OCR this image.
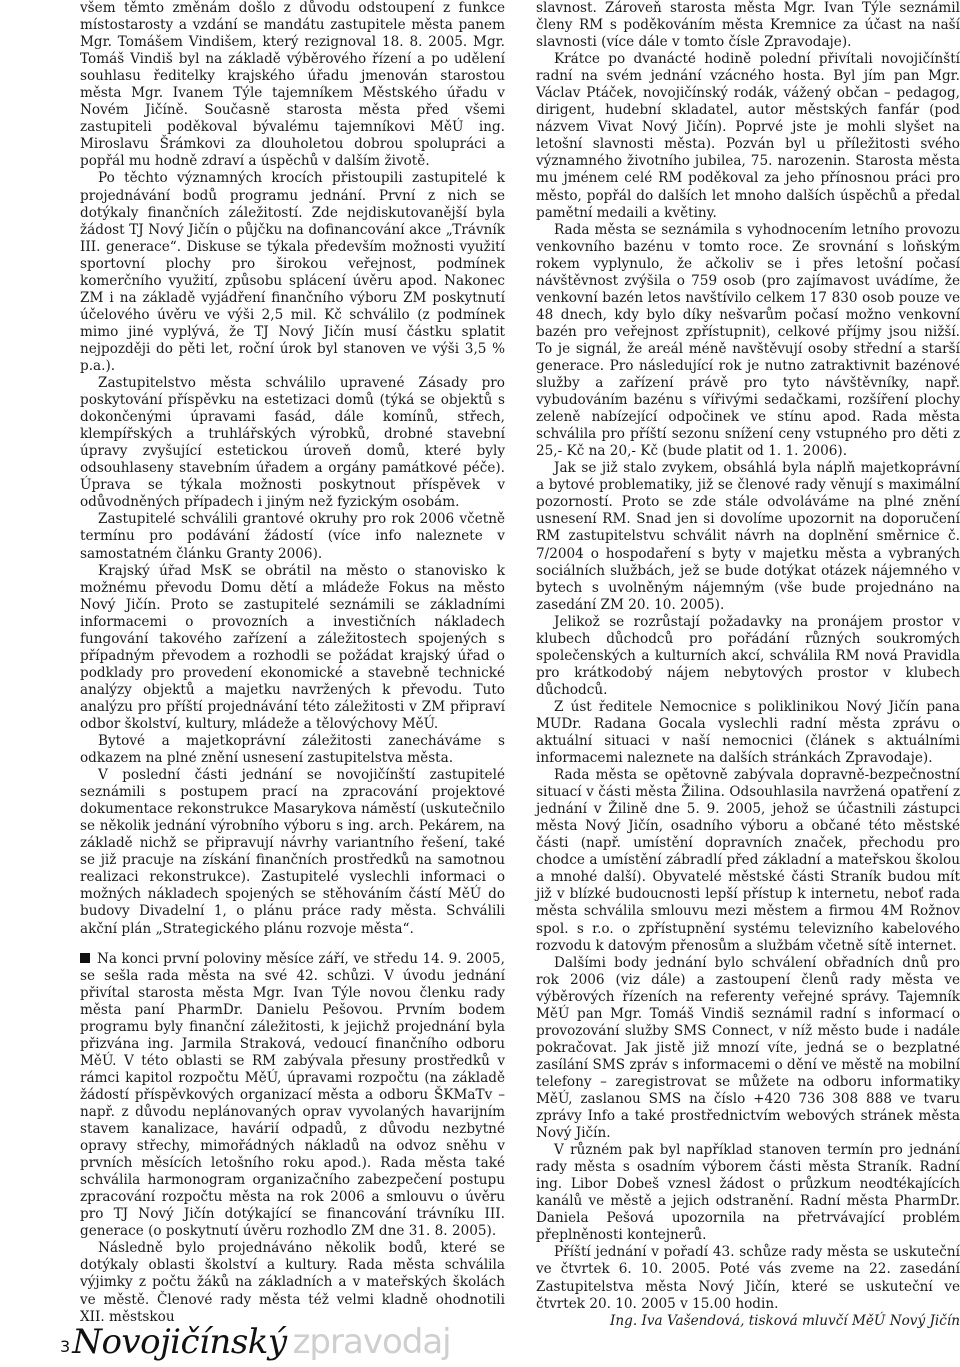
všem těmto změnám došlo z důvodu odstoupení z funkce místostarosty a vzdání se mandátu zastupitele města panem Mgr. Tomášem Vindišem, který rezignoval 18. 8. 2005. Mgr. Tomáš Vindiš byl na základě výběrového řízení a po udělení souhlasu ředitelky krajského úřadu jmenován starostou města Mgr. Ivanem Týle tajemníkem Městského úřadu v Novém Jičíně. Současně starosta města před všemi zastupiteli poděkoval bývalému tajemníkovi MěÚ ing. Miroslavu Šrámkovi za dlouholetou dobrou spolupráci a popřál mu hodně zdraví a úspěchů v dalším životě.

Po těchto významných krocích přistoupili zastupitelé k projednávání bodů programu jednání. První z nich se dotýkaly finančních záležitostí. Zde nejdiskutovanější byla žádost TJ Nový Jičín o půjčku na dofinancování akce „Trávník III. generace“. Diskuse se týkala především možnosti využití sportovní plochy pro širokou veřejnost, podmínek komerčního využití, způsobu splácení úvěru apod. Nakonec ZM i na základě vyjádření finančního výboru ZM poskytnutí účelového úvěru ve výši 2,5 mil. Kč schválilo (z podmínek mimo jiné vyplývá, že TJ Nový Jičín musí částku splatit nejpozději do pěti let, roční úrok byl stanoven ve výši 3,5 % p.a.).

Zastupitelstvo města schválilo upravené Zásady pro poskytování příspěvku na estetizaci domů (týká se objektů s dokončenými úpravami fasád, dále komínů, střech, klempířských a truhlářských výrobků, drobné stavební úpravy zvyšující estetickou úroveň domů, které byly odsouhlaseny stavebním úřadem a orgány památkové péče). Úprava se týkala možnosti poskytnout příspěvek v odůvodněných případech i jiným než fyzickým osobám.

Zastupitelé schválili grantové okruhy pro rok 2006 včetně termínu pro podávání žádostí (více info naleznete v samostatném článku Granty 2006).

Krajský úřad MsK se obrátil na město o stanovisko k možnému převodu Domu dětí a mládeže Fokus na město Nový Jičín. Proto se zastupitelé seznámili se základními informacemi o provozních a investičních nákladech fungování takového zařízení a záležitostech spojených s případným převodem a rozhodli se požádat krajský úřad o podklady pro provedení ekonomické a stavebně technické analýzy objektů a majetku navržených k převodu. Tuto analýzu pro příští projednávání této záležitosti v ZM připraví odbor školství, kultury, mládeže a tělovýchovy MěÚ.

Bytové a majetkoprávní záležitosti zanecháváme s odkazem na plné znění usnesení zastupitelstva města.

V poslední části jednání se novojičínští zastupitelé seznámili s postupem prací na zpracování projektové dokumentace rekonstrukce Masarykova náměstí (uskutečnilo se několik jednání výrobního výboru s ing. arch. Pekárem, na základě nichž se připravují návrhy variantního řešení, také se již pracuje na získání finančních prostředků na samotnou realizaci rekonstrukce). Zastupitelé vyslechli informaci o možných nákladech spojených se stěhováním částí MěÚ do budovy Divadelní 1, o plánu práce rady města. Schválili akční plán „Strategického plánu rozvoje města“.

Na konci první poloviny měsíce září, ve středu 14. 9. 2005, se sešla rada města na své 42. schůzi. V úvodu jednání přivítal starosta města Mgr. Ivan Týle novou členku rady města paní PharmDr. Danielu Pešovou. Prvním bodem programu byly finanční záležitosti, k jejichž projednání byla přizvána ing. Jarmila Straková, vedoucí finančního odboru MěÚ. V této oblasti se RM zabývala přesuny prostředků v rámci kapitol rozpočtu MěÚ, úpravami rozpočtu (na základě žádostí příspěvkových organizací města a odboru ŠKMaTv – např. z důvodu neplánovaných oprav vyvolaných havarijním stavem kanalizace, havárií odpadů, z důvodu nezbytné opravy střechy, mimořádných nákladů na odvoz sněhu v prvních měsících letošního roku apod.). Rada města také schválila harmonogram organizačního zabezpečení postupu zpracování rozpočtu města na rok 2006 a smlouvu o úvěru pro TJ Nový Jičín dotýkající se financování trávníku III. generace (o poskytnutí úvěru rozhodlo ZM dne 31. 8. 2005).

Následně bylo projednáváno několik bodů, které se dotýkaly oblasti školství a kultury. Rada města schválila výjimky z počtu žáků na základních a v mateřských školách ve městě. Členové rady města též velmi kladně ohodnotili XII. městskou

slavnost. Zároveň starosta města Mgr. Ivan Týle seznámil členy RM s poděkováním města Kremnice za účast na naší slavnosti (více dále v tomto čísle Zpravodaje).

Krátce po dvanácté hodině polední přivítali novojičínští radní na svém jednání vzácného hosta. Byl jím pan Mgr. Václav Ptáček, novojičínský rodák, vážený občan – pedagog, dirigent, hudební skladatel, autor městských fanfár (pod názvem Vivat Nový Jičín). Poprvé jste je mohli slyšet na letošní slavnosti města). Pozván byl u příležitosti svého významného životního jubilea, 75. narozenin. Starosta města mu jménem celé RM poděkoval za jeho přínosnou práci pro město, popřál do dalších let mnoho dalších úspěchů a předal pamětní medaili a květiny.

Rada města se seznámila s vyhodnocením letního provozu venkovního bazénu v tomto roce. Ze srovnání s loňským rokem vyplynulo, že ačkoliv se i přes letošní počasí návštěvnost zvýšila o 759 osob (pro zajímavost uvádíme, že venkovní bazén letos navštívilo celkem 17 830 osob pouze ve 48 dnech, kdy bylo díky nešvarům počasí možno venkovní bazén pro veřejnost zpřístupnit), celkové příjmy jsou nižší. To je signál, že areál méně navštěvují osoby střední a starší generace. Pro následující rok je nutno zatraktivnit bazénové služby a zařízení právě pro tyto návštěvníky, např. vybudováním bazénu s vířivými sedačkami, rozšíření plochy zeleně nabízející odpočinek ve stínu apod. Rada města schválila pro příští sezonu snížení ceny vstupného pro děti z 25,- Kč na 20,- Kč (bude platit od 1. 1. 2006).

Jak se již stalo zvykem, obsáhlá byla náplň majetkoprávní a bytové problematiky, již se členové rady věnují s maximální pozorností. Proto se zde stále odvoláváme na plné znění usnesení RM. Snad jen si dovolíme upozornit na doporučení RM zastupitelstvu schválit návrh na doplnění směrnice č. 7/2004 o hospodaření s byty v majetku města a vybraných sociálních službách, jež se bude dotýkat otázek nájemného v bytech s uvolněným nájemným (vše bude projednáno na zasedání ZM 20. 10. 2005).

Jelikož se rozrůstají požadavky na pronájem prostor v klubech důchodců pro pořádání různých soukromých společenských a kulturních akcí, schválila RM nová Pravidla pro krátkodobý nájem nebytových prostor v klubech důchodců.

Z úst ředitele Nemocnice s poliklinikou Nový Jičín pana MUDr. Radana Gocala vyslechli radní města zprávu o aktuální situaci v naší nemocnici (článek s aktuálními informacemi naleznete na dalších stránkách Zpravodaje).

Rada města se opětovně zabývala dopravně-bezpečnostní situací v části města Žilina. Odsouhlasila navržená opatření z jednání v Žilině dne 5. 9. 2005, jehož se účastnili zástupci města Nový Jičín, osadního výboru a občané této městské části (např. umístění dopravních značek, přechodu pro chodce a umístění zábradlí před základní a mateřskou školou a mnohé další). Obyvatelé městské části Straník budou mít již v blízké budoucnosti lepší přístup k internetu, neboť rada města schválila smlouvu mezi městem a firmou 4M Rožnov spol. s r.o. o zpřístupnění systému televizního kabelového rozvodu k datovým přenosům a službám včetně sítě internet.

Dalšími body jednání bylo schválení obřadních dnů pro rok 2006 (viz dále) a zastoupení členů rady města ve výběrových řízeních na referenty veřejné správy. Tajemník MěÚ pan Mgr. Tomáš Vindiš seznámil radní s informací o provozování služby SMS Connect, v níž město bude i nadále pokračovat. Jak jistě již mnozí víte, jedná se o bezplatné zasílání SMS zpráv s informacemi o dění ve městě na mobilní telefony – zaregistrovat se můžete na odboru informatiky MěÚ, zaslanou SMS na číslo +420 736 308 888 ve tvaru zprávy Info a také prostřednictvím webových stránek města Nový Jičín.

V různém pak byl například stanoven termín pro jednání rady města s osadním výborem části města Straník. Radní ing. Libor Dobeš vznesl žádost o průzkum neodtékajících kanálů ve městě a jejich odstranění. Radní města PharmDr. Daniela Pešová upozornila na přetrvávající problém přeplněnosti kontejnerů.

Příští jednání v pořadí 43. schůze rady města se uskuteční ve čtvrtek 6. 10. 2005. Poté vás zveme na 22. zasedání Zastupitelstva města Nový Jičín, které se uskuteční ve čtvrtek 20. 10. 2005 v 15.00 hodin.

Ing. Iva Vašendová, tisková mluvčí MěÚ Nový Jičín

3 Novojičínský zpravodaj
